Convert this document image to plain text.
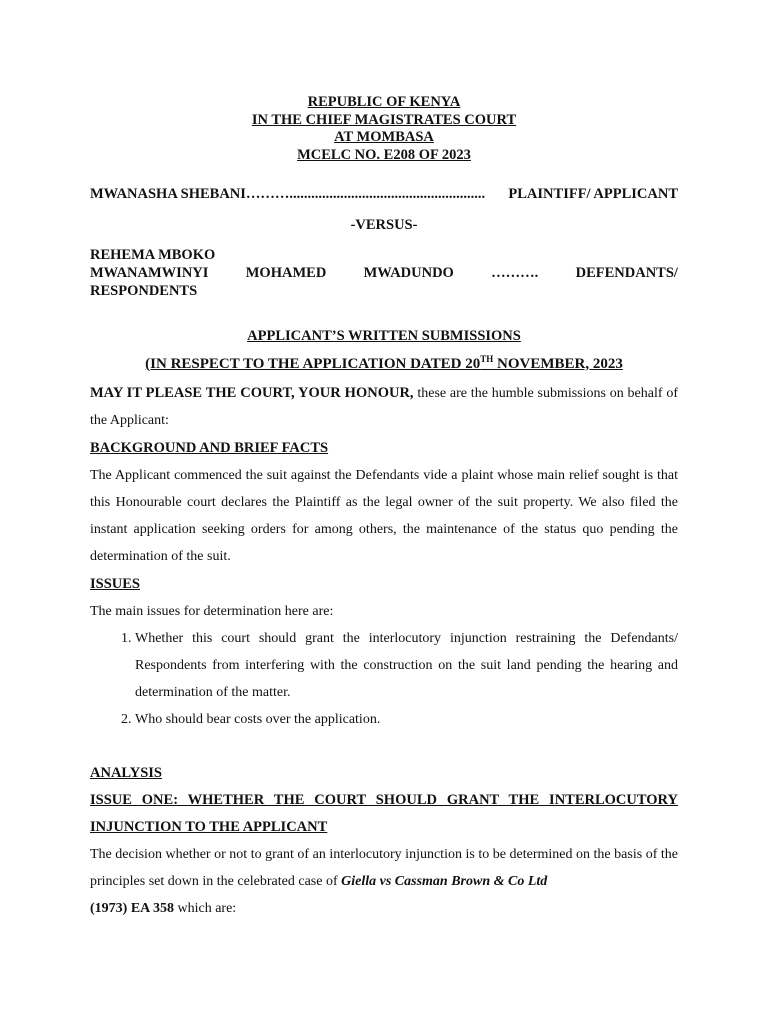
REPUBLIC OF KENYA
IN THE CHIEF MAGISTRATES COURT
AT MOMBASA
MCELC NO. E208 OF 2023
MWANASHA SHEBANI………...................................................... PLAINTIFF/ APPLICANT
-VERSUS-
REHEMA MBOKO
MWANAMWINYI	MOHAMED	MWADUNDO	……….	DEFENDANTS/
RESPONDENTS
APPLICANT’S WRITTEN SUBMISSIONS
(IN RESPECT TO THE APPLICATION DATED 20TH NOVEMBER, 2023

MAY IT PLEASE THE COURT, YOUR HONOUR, these are the humble submissions on behalf of the Applicant:

BACKGROUND AND BRIEF FACTS

The Applicant commenced the suit against the Defendants vide a plaint whose main relief sought is that this Honourable court declares the Plaintiff as the legal owner of the suit property. We also filed the instant application seeking orders for among others, the maintenance of the status quo pending the determination of the suit.

ISSUES

The main issues for determination here are:

1. Whether this court should grant the interlocutory injunction restraining the Defendants/ Respondents from interfering with the construction on the suit land pending the hearing and determination of the matter.
2. Who should bear costs over the application.
ANALYSIS
ISSUE ONE: WHETHER THE COURT SHOULD GRANT THE INTERLOCUTORY
INJUNCTION TO THE APPLICANT

The decision whether or not to grant of an interlocutory injunction is to be determined on the basis of the principles set down in the celebrated case of Giella vs Cassman Brown & Co Ltd
(1973) EA 358 which are:
